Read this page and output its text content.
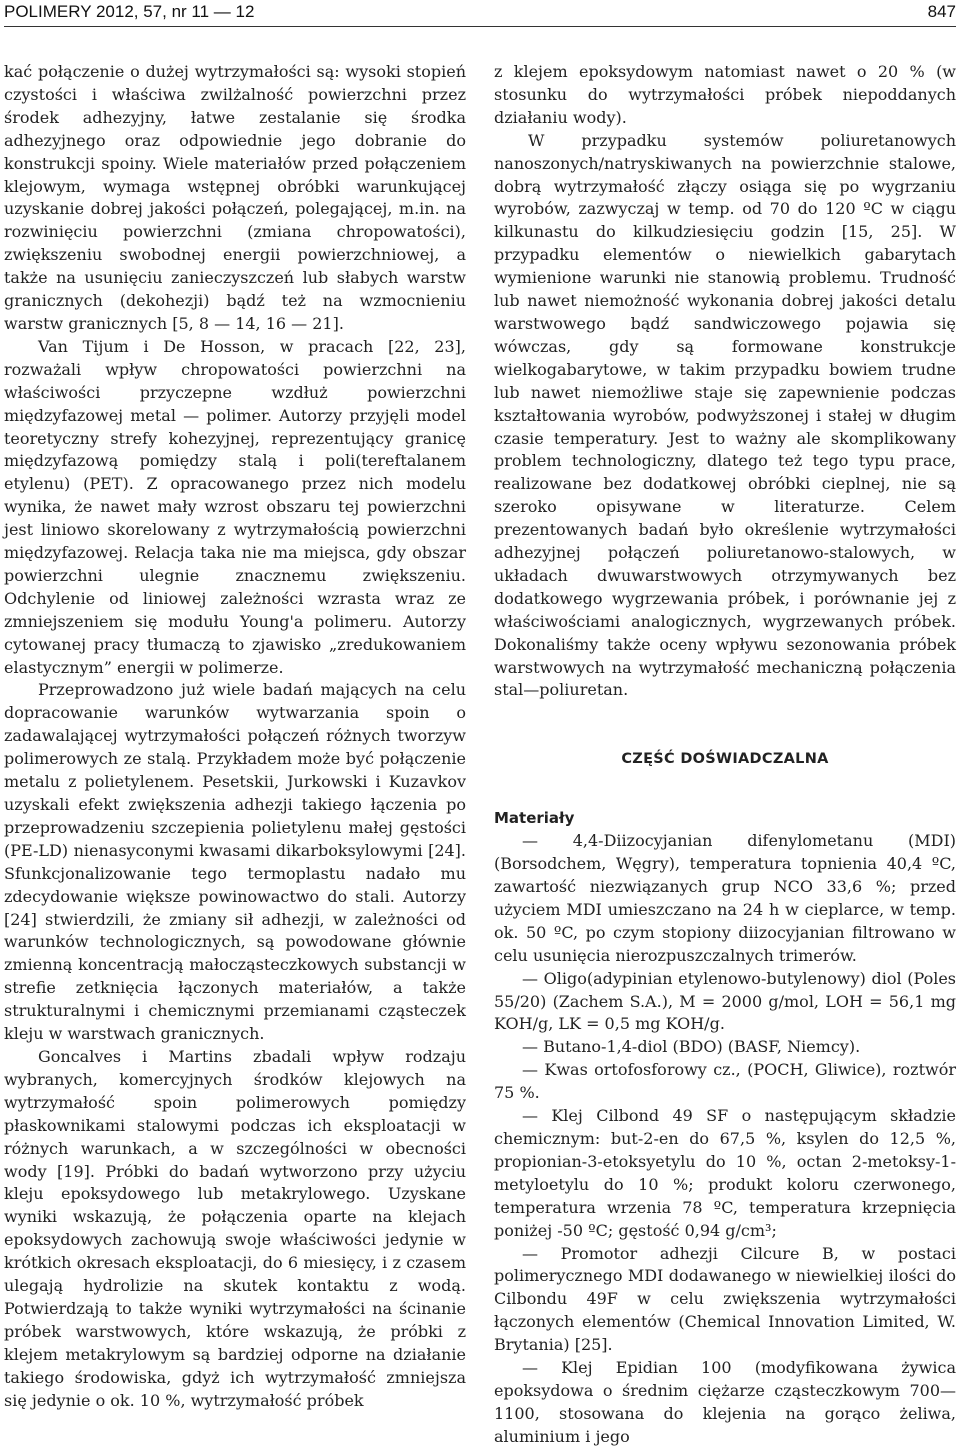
POLIMERY 2012, 57, nr 11 — 12	847

kać połączenie o dużej wytrzymałości są: wysoki stopień czystości i właściwa zwilżalność powierzchni przez środek adhezyjny, łatwe zestalanie się środka adhezyjnego oraz odpowiednie jego dobranie do konstrukcji spoiny. Wiele materiałów przed połączeniem klejowym, wymaga wstępnej obróbki warunkującej uzyskanie dobrej jakości połączeń, polegającej, m.in. na rozwinięciu powierzchni (zmiana chropowatości), zwiększeniu swobodnej energii powierzchniowej, a także na usunięciu zanieczyszczeń lub słabych warstw granicznych (dekohezji) bądź też na wzmocnieniu warstw granicznych [5, 8 — 14, 16 — 21].

Van Tijum i De Hosson, w pracach [22, 23], rozważali wpływ chropowatości powierzchni na właściwości przyczepne wzdłuż powierzchni międzyfazowej metal — polimer. Autorzy przyjęli model teoretyczny strefy kohezyjnej, reprezentujący granicę międzyfazową pomiędzy stalą i poli(tereftalanem etylenu) (PET). Z opracowanego przez nich modelu wynika, że nawet mały wzrost obszaru tej powierzchni jest liniowo skorelowany z wytrzymałością powierzchni międzyfazowej. Relacja taka nie ma miejsca, gdy obszar powierzchni ulegnie znacznemu zwiększeniu. Odchylenie od liniowej zależności wzrasta wraz ze zmniejszeniem się modułu Young'a polimeru. Autorzy cytowanej pracy tłumaczą to zjawisko „zredukowaniem elastycznym” energii w polimerze.

Przeprowadzono już wiele badań mających na celu dopracowanie warunków wytwarzania spoin o zadawalającej wytrzymałości połączeń różnych tworzyw polimerowych ze stalą. Przykładem może być połączenie metalu z polietylenem. Pesetskii, Jurkowski i Kuzavkov uzyskali efekt zwiększenia adhezji takiego łączenia po przeprowadzeniu szczepienia polietylenu małej gęstości (PE-LD) nienasyconymi kwasami dikarboksylowymi [24]. Sfunkcjonalizowanie tego termoplastu nadało mu zdecydowanie większe powinowactwo do stali. Autorzy [24] stwierdzili, że zmiany sił adhezji, w zależności od warunków technologicznych, są powodowane głównie zmienną koncentracją małocząsteczkowych substancji w strefie zetknięcia łączonych materiałów, a także strukturalnymi i chemicznymi przemianami cząsteczek kleju w warstwach granicznych.

Goncalves i Martins zbadali wpływ rodzaju wybranych, komercyjnych środków klejowych na wytrzymałość spoin polimerowych pomiędzy płaskownikami stalowymi podczas ich eksploatacji w różnych warunkach, a w szczególności w obecności wody [19]. Próbki do badań wytworzono przy użyciu kleju epoksydowego lub metakrylowego. Uzyskane wyniki wskazują, że połączenia oparte na klejach epoksydowych zachowują swoje właściwości jedynie w krótkich okresach eksploatacji, do 6 miesięcy, i z czasem ulegają hydrolizie na skutek kontaktu z wodą. Potwierdzają to także wyniki wytrzymałości na ścinanie próbek warstwowych, które wskazują, że próbki z klejem metakrylowym są bardziej odporne na działanie takiego środowiska, gdyż ich wytrzymałość zmniejsza się jedynie o ok. 10 %, wytrzymałość próbek

z klejem epoksydowym natomiast nawet o 20 % (w stosunku do wytrzymałości próbek niepoddanych działaniu wody).

W przypadku systemów poliuretanowych nanoszonych/natryskiwanych na powierzchnie stalowe, dobrą wytrzymałość złączy osiąga się po wygrzaniu wyrobów, zazwyczaj w temp. od 70 do 120 ºC w ciągu kilkunastu do kilkudziesięciu godzin [15, 25]. W przypadku elementów o niewielkich gabarytach wymienione warunki nie stanowią problemu. Trudność lub nawet niemożność wykonania dobrej jakości detalu warstwowego bądź sandwiczowego pojawia się wówczas, gdy są formowane konstrukcje wielkogabarytowe, w takim przypadku bowiem trudne lub nawet niemożliwe staje się zapewnienie podczas kształtowania wyrobów, podwyższonej i stałej w długim czasie temperatury. Jest to ważny ale skomplikowany problem technologiczny, dlatego też tego typu prace, realizowane bez dodatkowej obróbki cieplnej, nie są szeroko opisywane w literaturze. Celem prezentowanych badań było określenie wytrzymałości adhezyjnej połączeń poliuretanowo-stalowych, w układach dwuwarstwowych otrzymywanych bez dodatkowego wygrzewania próbek, i porównanie jej z właściwościami analogicznych, wygrzewanych próbek. Dokonaliśmy także oceny wpływu sezonowania próbek warstwowych na wytrzymałość mechaniczną połączenia stal—poliuretan.

CZĘŚĆ DOŚWIADCZALNA
Materiały

— 4,4-Diizocyjanian difenylometanu (MDI) (Borsodchem, Węgry), temperatura topnienia 40,4 ºC, zawartość niezwiązanych grup NCO 33,6 %; przed użyciem MDI umieszczano na 24 h w cieplarce, w temp. ok. 50 ºC, po czym stopiony diizocyjanian filtrowano w celu usunięcia nierozpuszczalnych trimerów.

— Oligo(adypinian etylenowo-butylenowy) diol (Poles 55/20) (Zachem S.A.), M = 2000 g/mol, LOH = 56,1 mg KOH/g, LK = 0,5 mg KOH/g.

— Butano-1,4-diol (BDO) (BASF, Niemcy).

— Kwas ortofosforowy cz., (POCH, Gliwice), roztwór 75 %.

— Klej Cilbond 49 SF o następującym składzie chemicznym: but-2-en do 67,5 %, ksylen do 12,5 %, propionian-3-etoksyetylu do 10 %, octan 2-metoksy-1-metyloetylu do 10 %; produkt koloru czerwonego, temperatura wrzenia 78 ºC, temperatura krzepnięcia poniżej -50 ºC; gęstość 0,94 g/cm³;

— Promotor adhezji Cilcure B, w postaci polimerycznego MDI dodawanego w niewielkiej ilości do Cilbondu 49F w celu zwiększenia wytrzymałości łączonych elementów (Chemical Innovation Limited, W. Brytania) [25].

— Klej Epidian 100 (modyfikowana żywica epoksydowa o średnim ciężarze cząsteczkowym 700—1100, stosowana do klejenia na gorąco żeliwa, aluminium i jego
